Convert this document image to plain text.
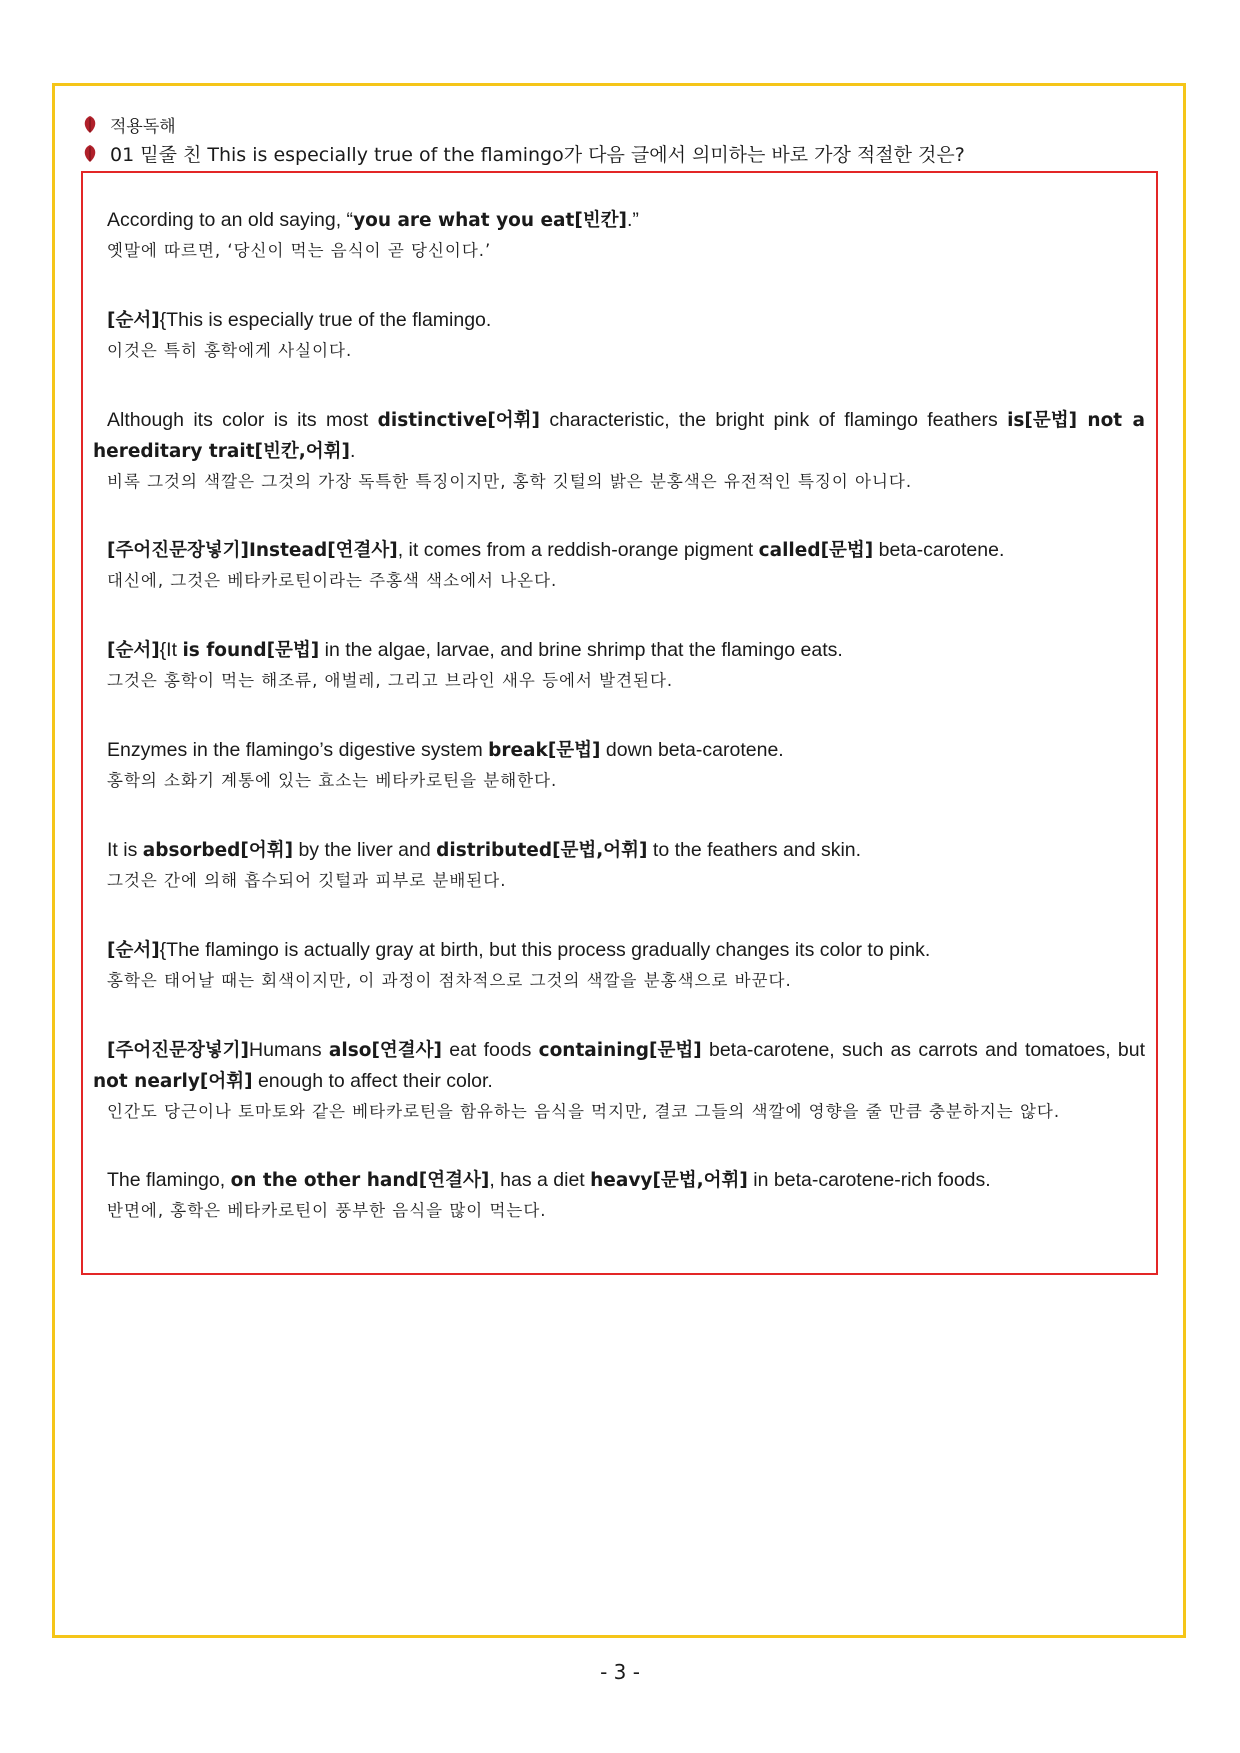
적용독해
01 밑줄 친 This is especially true of the flamingo가 다음 글에서 의미하는 바로 가장 적절한 것은?

According to an old saying, “you are what you eat[빈칸].”

옛말에 따르면, ‘당신이 먹는 음식이 곧 당신이다.’

[순서]{This is especially true of the flamingo.

이것은 특히 홍학에게 사실이다.

Although its color is its most distinctive[어휘] characteristic, the bright pink of flamingo feathers is[문법] not a hereditary trait[빈칸,어휘].

비록 그것의 색깔은 그것의 가장 독특한 특징이지만, 홍학 깃털의 밝은 분홍색은 유전적인 특징이 아니다.

[주어진문장넣기]Instead[연결사], it comes from a reddish-orange pigment called[문법] beta-carotene.

대신에, 그것은 베타카로틴이라는 주홍색 색소에서 나온다.

[순서]{It is found[문법] in the algae, larvae, and brine shrimp that the flamingo eats.

그것은 홍학이 먹는 해조류, 애벌레, 그리고 브라인 새우 등에서 발견된다.

Enzymes in the flamingo’s digestive system break[문법] down beta-carotene.

홍학의 소화기 계통에 있는 효소는 베타카로틴을 분해한다.

It is absorbed[어휘] by the liver and distributed[문법,어휘] to the feathers and skin.

그것은 간에 의해 흡수되어 깃털과 피부로 분배된다.

[순서]{The flamingo is actually gray at birth, but this process gradually changes its color to pink.

홍학은 태어날 때는 회색이지만, 이 과정이 점차적으로 그것의 색깔을 분홍색으로 바꾼다.

[주어진문장넣기]Humans also[연결사] eat foods containing[문법] beta-carotene, such as carrots and tomatoes, but not nearly[어휘] enough to affect their color.

인간도 당근이나 토마토와 같은 베타카로틴을 함유하는 음식을 먹지만, 결코 그들의 색깔에 영향을 줄 만큼 충분하지는 않다.

The flamingo, on the other hand[연결사], has a diet heavy[문법,어휘] in beta-carotene-rich foods.

반면에, 홍학은 베타카로틴이 풍부한 음식을 많이 먹는다.

- 3 -
